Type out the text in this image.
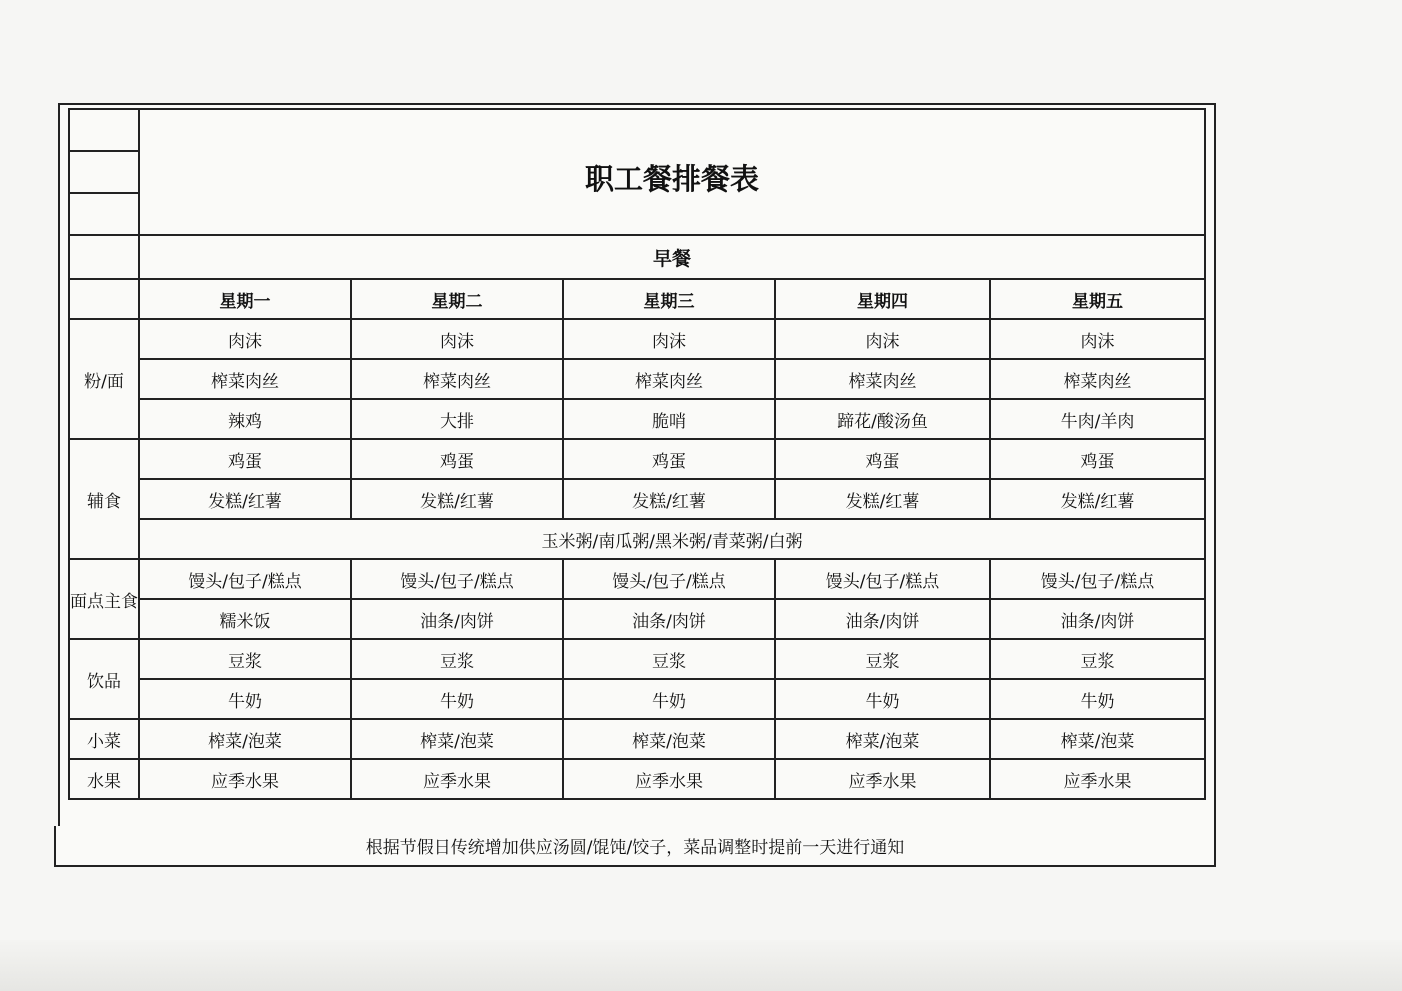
	职工餐排餐表				

	早餐				
	星期一	星期二	星期三	星期四	星期五
粉/面	肉沫	肉沫	肉沫	肉沫	肉沫
	榨菜肉丝	榨菜肉丝	榨菜肉丝	榨菜肉丝	榨菜肉丝
	辣鸡	大排	脆哨	蹄花/酸汤鱼	牛肉/羊肉
辅食	鸡蛋	鸡蛋	鸡蛋	鸡蛋	鸡蛋
	发糕/红薯	发糕/红薯	发糕/红薯	发糕/红薯	发糕/红薯
	玉米粥/南瓜粥/黑米粥/青菜粥/白粥				
面点主食	馒头/包子/糕点	馒头/包子/糕点	馒头/包子/糕点	馒头/包子/糕点	馒头/包子/糕点
	糯米饭	油条/肉饼	油条/肉饼	油条/肉饼	油条/肉饼
饮品	豆浆	豆浆	豆浆	豆浆	豆浆
	牛奶	牛奶	牛奶	牛奶	牛奶
小菜	榨菜/泡菜	榨菜/泡菜	榨菜/泡菜	榨菜/泡菜	榨菜/泡菜
水果	应季水果	应季水果	应季水果	应季水果	应季水果
根据节假日传统增加供应汤圆/馄饨/饺子，菜品调整时提前一天进行通知
